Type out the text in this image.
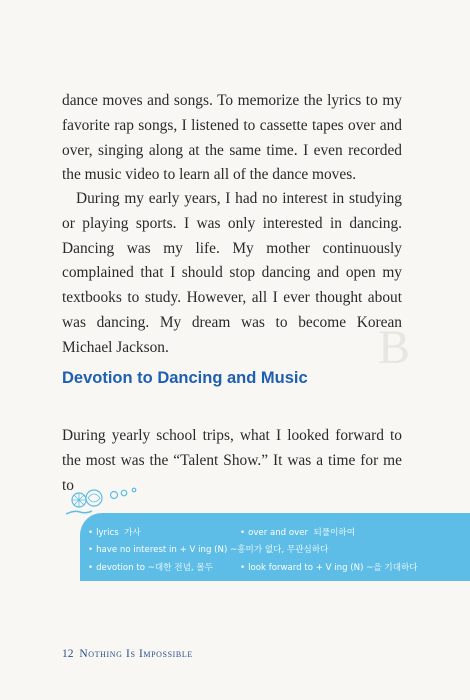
B

dance moves and songs. To memorize the lyrics to my favorite rap songs, I listened to cassette tapes over and over, singing along at the same time. I even recorded the music video to learn all of the dance moves.

During my early years, I had no interest in studying or playing sports. I was only interested in dancing. Dancing was my life. My mother continuously complained that I should stop dancing and open my textbooks to study. However, all I ever thought about was dancing. My dream was to become Korean Michael Jackson.

Devotion to Dancing and Music

During yearly school trips, what I looked forward to the most was the “Talent Show.” It was a time for me to

• lyrics 가사	• over and over 되풀이하여
• have no interest in + V ing (N) ~흥미가 없다, 무관심하다
• devotion to ~대한 전념, 몰두	• look forward to + V ing (N) ~을 기대하다
12 Nothing Is Impossible
